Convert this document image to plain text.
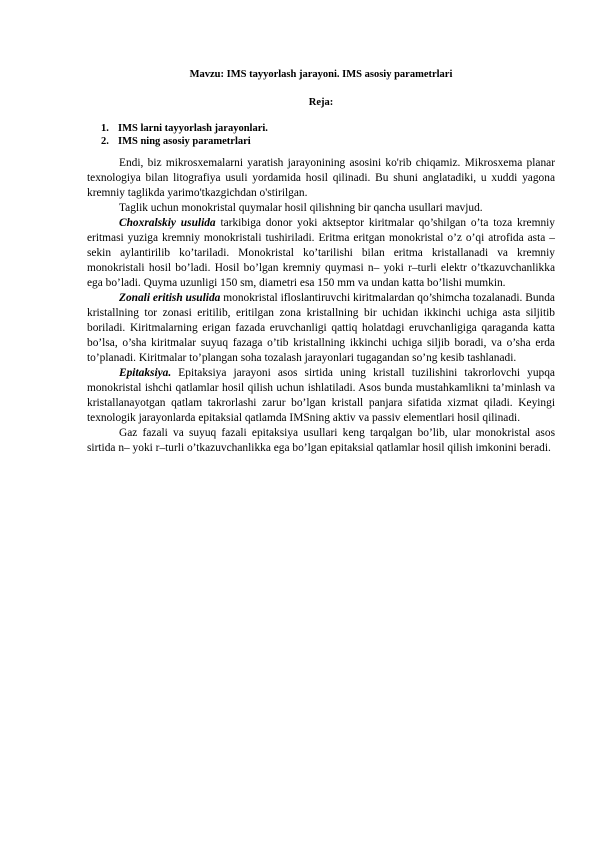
Mavzu: IMS tayyorlash jarayoni. IMS asosiy parametrlari
Reja:
1. IMS larni tayyorlash jarayonlari.
2. IMS ning asosiy parametrlari

Endi, biz mikrosxemalarni yaratish jarayonining asosini ko'rib chiqamiz. Mikrosxema planar texnologiya bilan litografiya usuli yordamida hosil qilinadi. Bu shuni anglatadiki, u xuddi yagona kremniy taglikda yarimo'tkazgichdan o'stirilgan.

Taglik uchun monokristal quymalar hosil qilishning bir qancha usullari mavjud.

Choxralskiy usulida tarkibiga donor yoki aktseptor kiritmalar qo’shilgan o’ta toza kremniy eritmasi yuziga kremniy monokristali tushiriladi. Eritma eritgan monokristal o’z o’qi atrofida asta – sekin aylantirilib ko’tariladi. Monokristal ko’tarilishi bilan eritma kristallanadi va kremniy monokristali hosil bo’ladi. Hosil bo’lgan kremniy quymasi n– yoki r–turli elektr o’tkazuvchanlikka ega bo’ladi. Quyma uzunligi 150 sm, diametri esa 150 mm va undan katta bo’lishi mumkin.

Zonali eritish usulida monokristal ifloslantiruvchi kiritmalardan qo’shimcha tozalanadi. Bunda kristallning tor zonasi eritilib, eritilgan zona kristallning bir uchidan ikkinchi uchiga asta siljitib boriladi. Kiritmalarning erigan fazada eruvchanligi qattiq holatdagi eruvchanligiga qaraganda katta bo’lsa, o’sha kiritmalar suyuq fazaga o’tib kristallning ikkinchi uchiga siljib boradi, va o’sha erda to’planadi. Kiritmalar to’plangan soha tozalash jarayonlari tugagandan so’ng kesib tashlanadi.

Epitaksiya. Epitaksiya jarayoni asos sirtida uning kristall tuzilishini takrorlovchi yupqa monokristal ishchi qatlamlar hosil qilish uchun ishlatiladi. Asos bunda mustahkamlikni ta’minlash va kristallanayotgan qatlam takrorlashi zarur bo’lgan kristall panjara sifatida xizmat qiladi. Keyingi texnologik jarayonlarda epitaksial qatlamda IMSning aktiv va passiv elementlari hosil qilinadi.

Gaz fazali va suyuq fazali epitaksiya usullari keng tarqalgan bo’lib, ular monokristal asos sirtida n– yoki r–turli o’tkazuvchanlikka ega bo’lgan epitaksial qatlamlar hosil qilish imkonini beradi.
